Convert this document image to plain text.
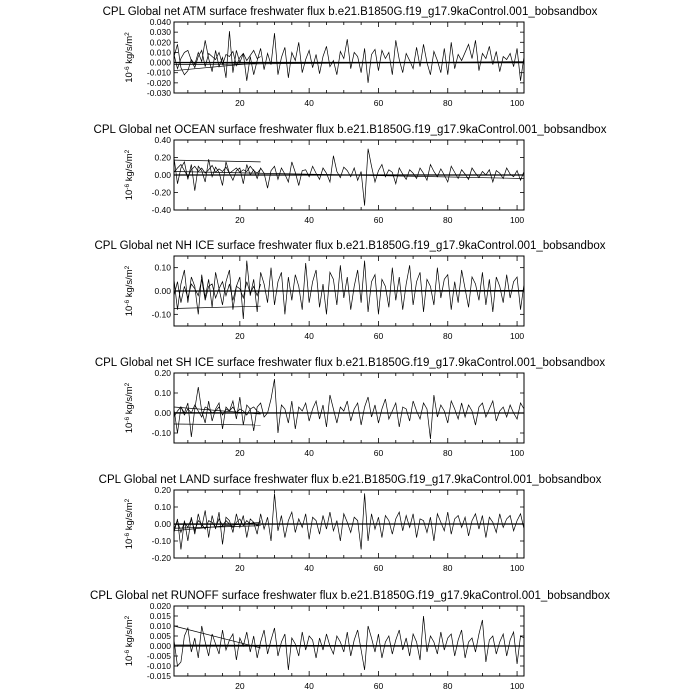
CPL Global net ATM surface freshwater flux b.e21.B1850G.f19_g17.9kaControl.001_bobsandbox
$10^{-6}$ $kg/s/m^2$
-0.030
-0.020
-0.010
0.000
0.010
0.020
0.030
0.040
20	40	60	80	100
CPL Global net OCEAN surface freshwater flux b.e21.B1850G.f19_g17.9kaControl.001_bobsandbox
$10^{-6}$ $kg/s/m^2$
-0.40
-0.20
0.00
0.20
0.40
20	40	60	80	100
CPL Global net NH ICE surface freshwater flux b.e21.B1850G.f19_g17.9kaControl.001_bobsandbox
$10^{-6}$ $kg/s/m^2$
-0.10
0.00
0.10
20	40	60	80	100
CPL Global net SH ICE surface freshwater flux b.e21.B1850G.f19_g17.9kaControl.001_bobsandbox
$10^{-6}$ $kg/s/m^2$
-0.10
0.00
0.10
0.20
20	40	60	80	100
CPL Global net LAND surface freshwater flux b.e21.B1850G.f19_g17.9kaControl.001_bobsandbox
$10^{-6}$ $kg/s/m^2$
-0.20
-0.10
0.00
0.10
0.20
20	40	60	80	100
CPL Global net RUNOFF surface freshwater flux b.e21.B1850G.f19_g17.9kaControl.001_bobsandbox
$10^{-6}$ $kg/s/m^2$
-0.015
-0.010
-0.005
0.000
0.005
0.010
0.015
0.020
20	40	60	80	100
